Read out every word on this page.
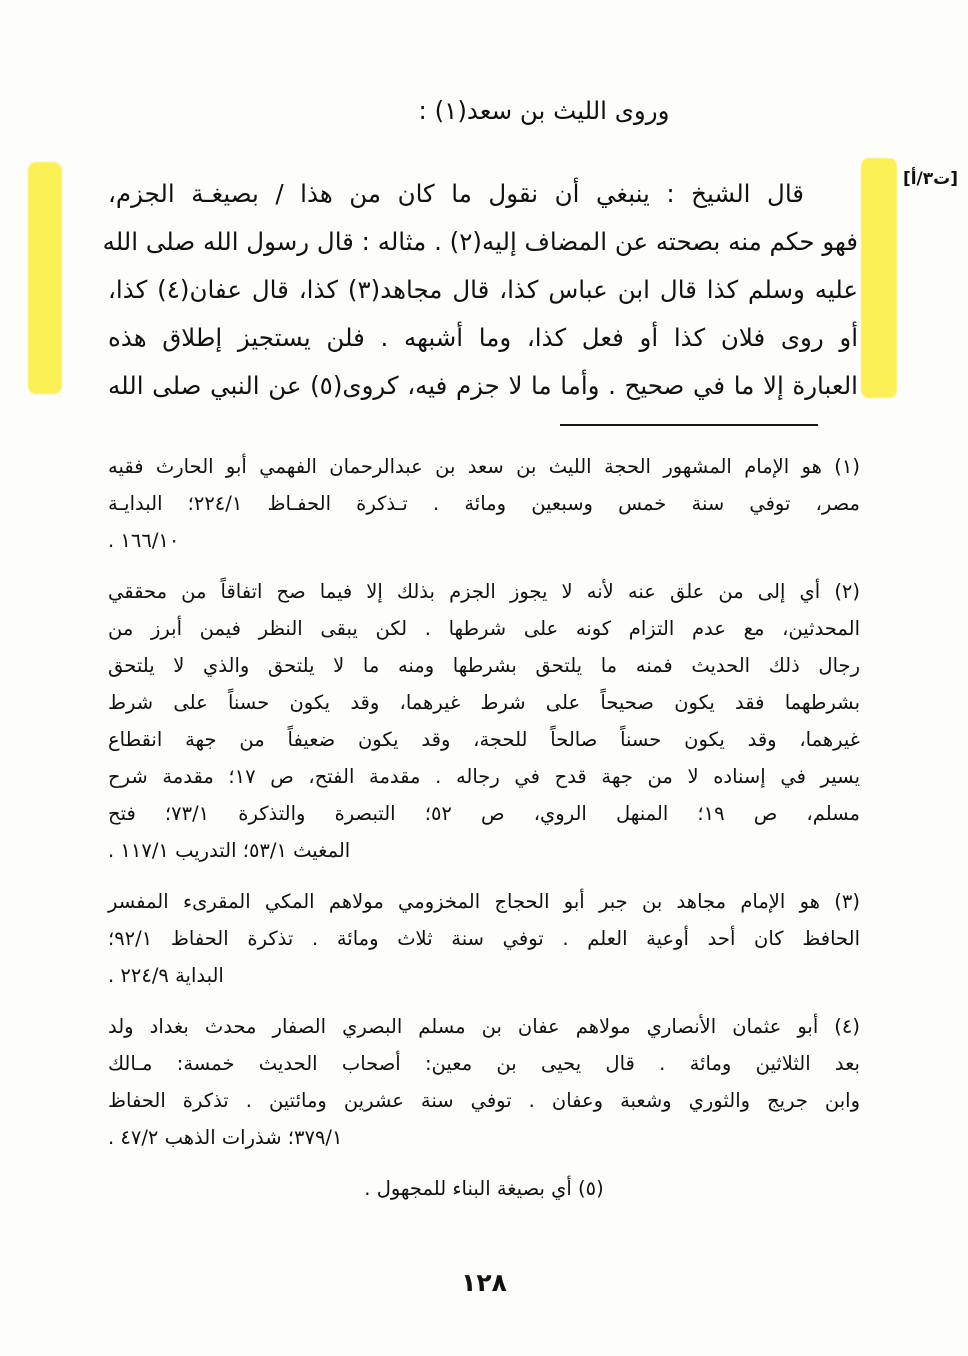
[ت٣/أ]
وروى الليث بن سعد(١) :
قال الشيخ : ينبغي أن نقول ما كان من هذا / بصيغـة الجزم،
فهو حكم منه بصحته عن المضاف إليه(٢) . مثاله : قال رسول الله صلى الله
عليه وسلم كذا قال ابن عباس كذا، قال مجاهد(٣) كذا، قال عفان(٤) كذا،
أو روى فلان كذا أو فعل كذا، وما أشبهه . فلن يستجيز إطلاق هذه
العبارة إلا ما في صحيح . وأما ما لا جزم فيه، كروى(٥) عن النبي صلى الله
(١) هو الإمام المشهور الحجة الليث بن سعد بن عبدالرحمان الفهمي أبو الحارث فقيه
مصر، توفي سنة خمس وسبعين ومائة . تـذكرة الحفـاظ ٢٢٤/١؛ البدايـة
١٦٦/١٠ .
(٢) أي إلى من علق عنه لأنه لا يجوز الجزم بذلك إلا فيما صح اتفاقاً من محققي
المحدثين، مع عدم التزام كونه على شرطها . لكن يبقى النظر فيمن أبرز من
رجال ذلك الحديث فمنه ما يلتحق بشرطها ومنه ما لا يلتحق والذي لا يلتحق
بشرطهما فقد يكون صحيحاً على شرط غيرهما، وقد يكون حسناً على شرط
غيرهما، وقد يكون حسناً صالحاً للحجة، وقد يكون ضعيفاً من جهة انقطاع
يسير في إسناده لا من جهة قدح في رجاله . مقدمة الفتح، ص ١٧؛ مقدمة شرح
مسلم، ص ١٩؛ المنهل الروي، ص ٥٢؛ التبصرة والتذكرة ٧٣/١؛ فتح
المغيث ٥٣/١؛ التدريب ١١٧/١ .
(٣) هو الإمام مجاهد بن جبر أبو الحجاج المخزومي مولاهم المكي المقرىء المفسر
الحافظ كان أحد أوعية العلم . توفي سنة ثلاث ومائة . تذكرة الحفاظ ٩٢/١؛
البداية ٢٢٤/٩ .
(٤) أبو عثمان الأنصاري مولاهم عفان بن مسلم البصري الصفار محدث بغداد ولد
بعد الثلاثين ومائة . قال يحيى بن معين: أصحاب الحديث خمسة: مـالك
وابن جريج والثوري وشعبة وعفان . توفي سنة عشرين ومائتين . تذكرة الحفاظ
٣٧٩/١؛ شذرات الذهب ٤٧/٢ .
(٥) أي بصيغة البناء للمجهول .
١٢٨
